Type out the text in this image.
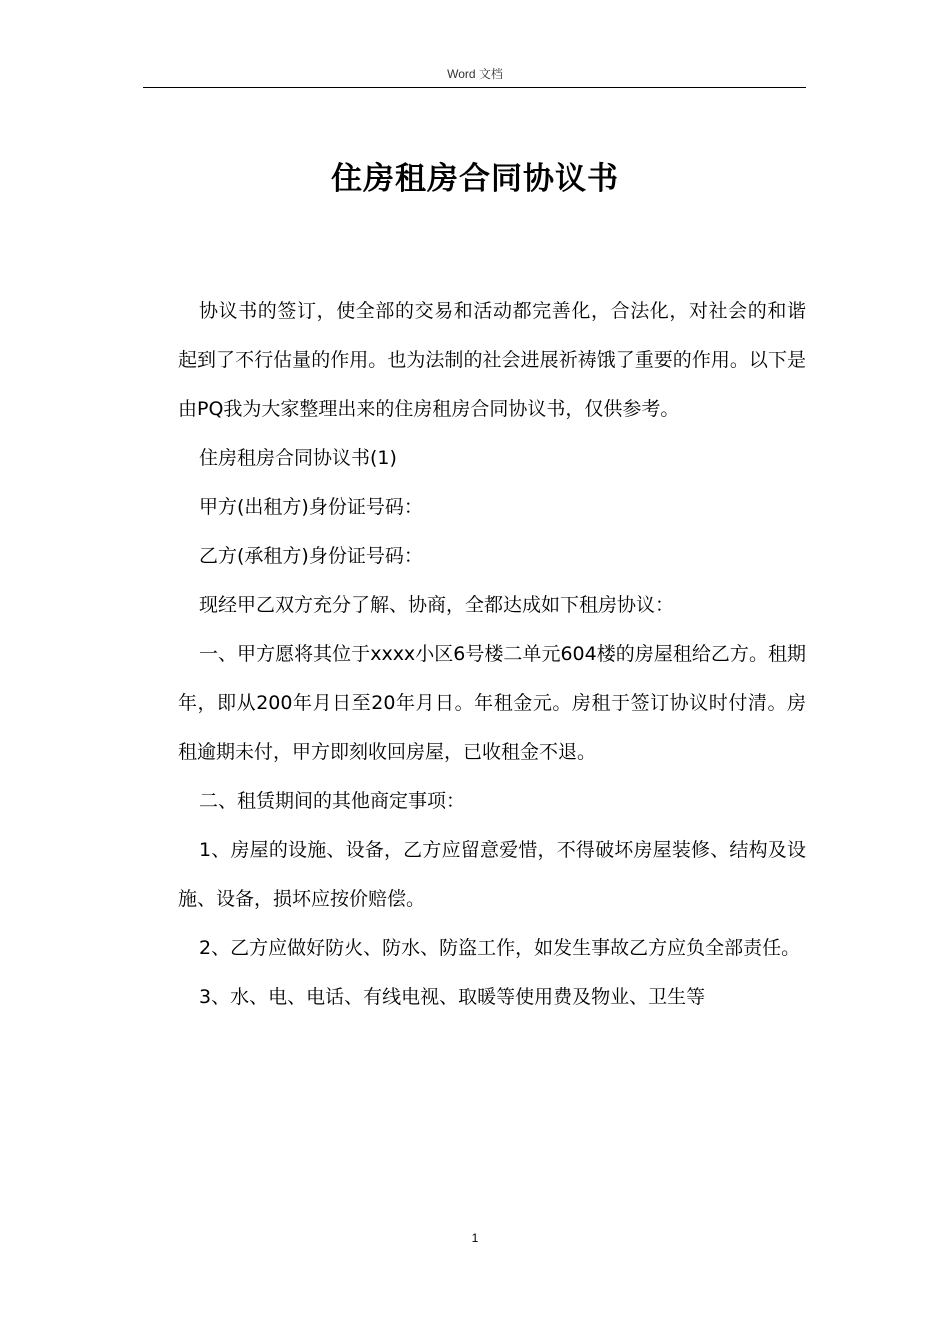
Word 文档
住房租房合同协议书

协议书的签订，使全部的交易和活动都完善化，合法化，对社会的和谐起到了不行估量的作用。也为法制的社会进展祈祷饿了重要的作用。以下是由PQ我为大家整理出来的住房租房合同协议书，仅供参考。

住房租房合同协议书(1)

甲方(出租方)身份证号码：

乙方(承租方)身份证号码：

现经甲乙双方充分了解、协商，全都达成如下租房协议：

一、甲方愿将其位于xxxx小区6号楼二单元604楼的房屋租给乙方。租期年，即从200年月日至20年月日。年租金元。房租于签订协议时付清。房租逾期未付，甲方即刻收回房屋，已收租金不退。

二、租赁期间的其他商定事项：

1、房屋的设施、设备，乙方应留意爱惜，不得破坏房屋装修、结构及设施、设备，损坏应按价赔偿。

2、乙方应做好防火、防水、防盗工作，如发生事故乙方应负全部责任。

3、水、电、电话、有线电视、取暖等使用费及物业、卫生等

1
